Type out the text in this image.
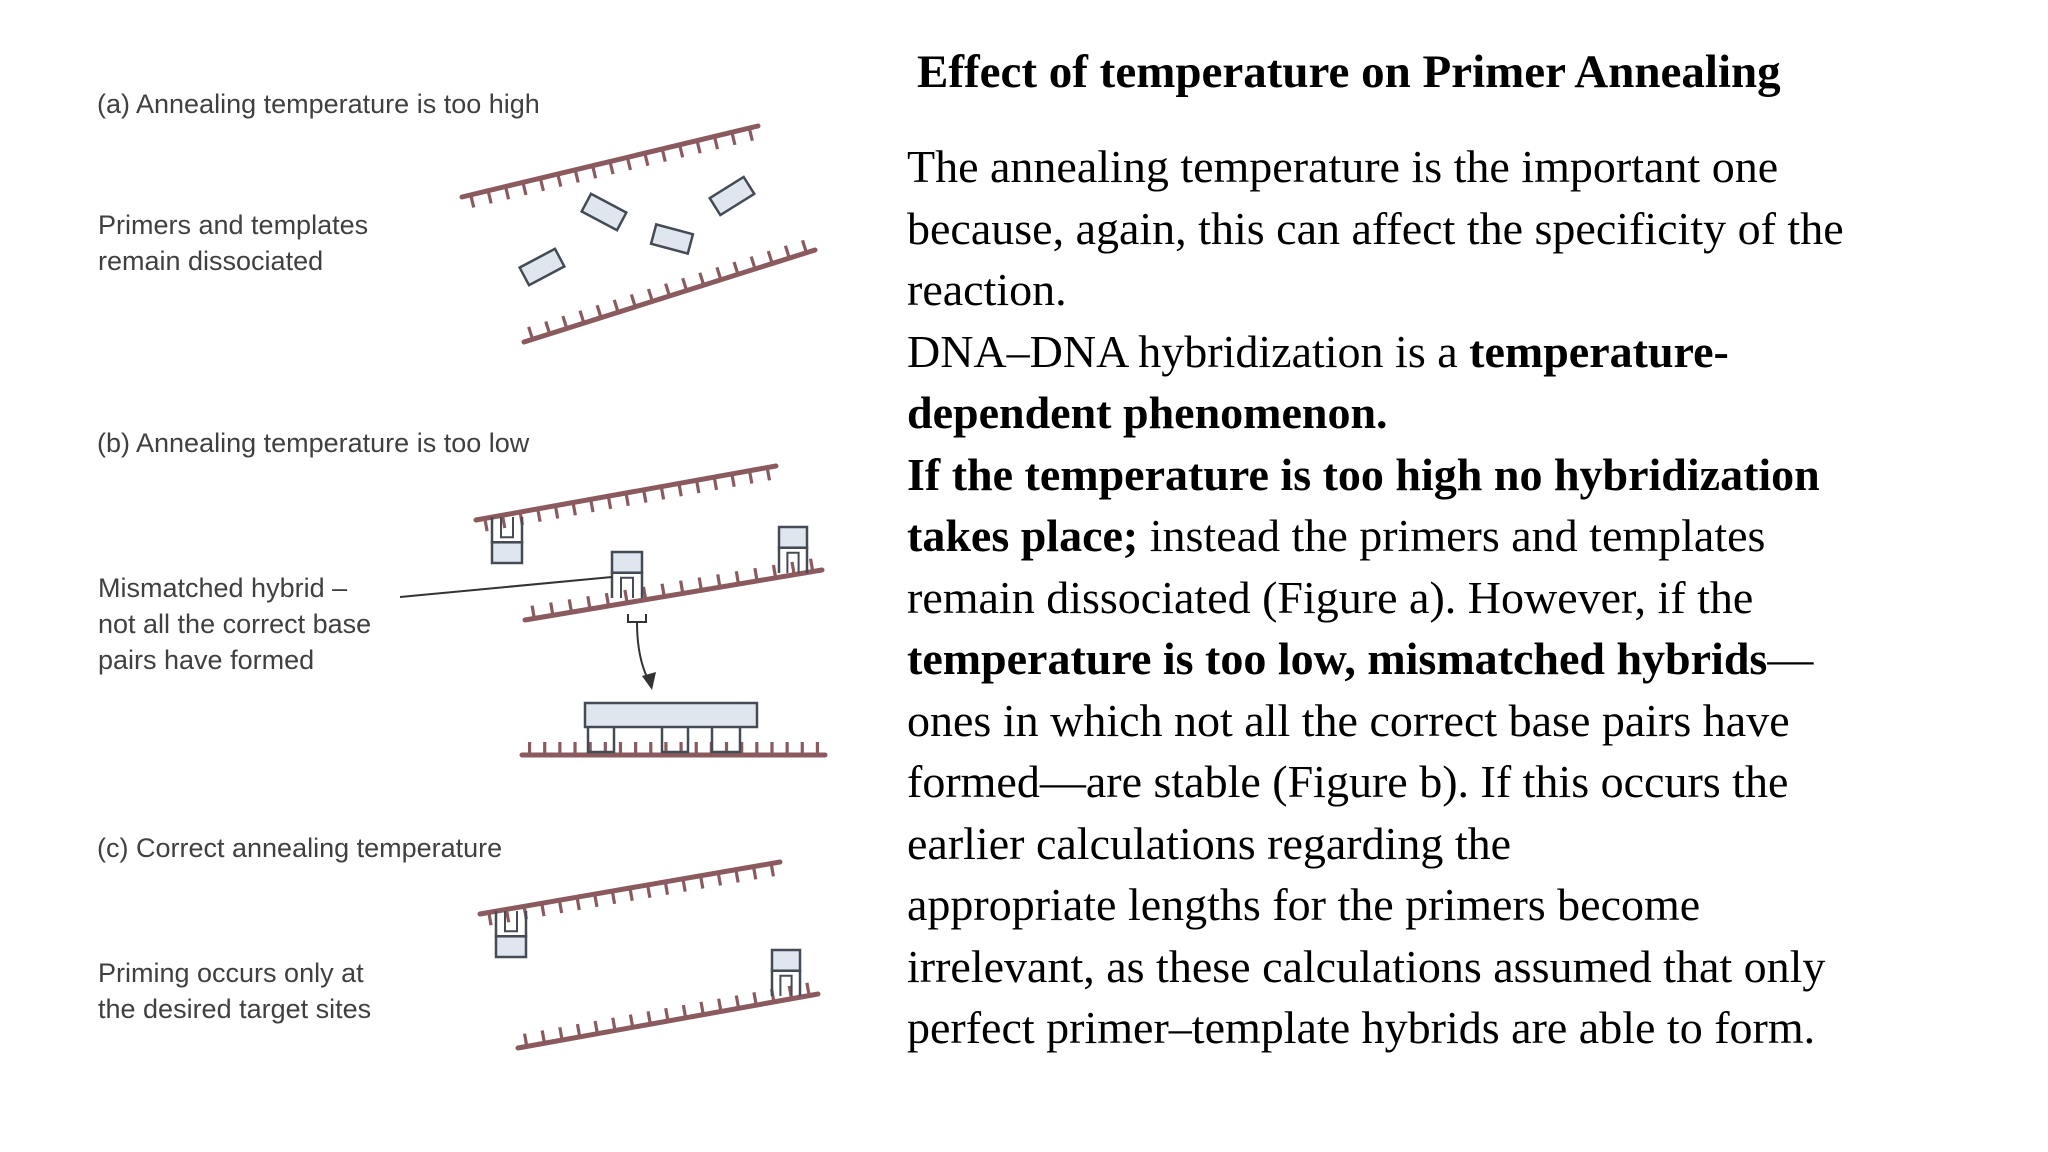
(a) Annealing temperature is too high
Primers and templates
remain dissociated
(b) Annealing temperature is too low
Mismatched hybrid –
not all the correct base
pairs have formed
(c) Correct annealing temperature
Priming occurs only at
the desired target sites
Effect of temperature on Primer Annealing
The annealing temperature is the important one
because, again, this can affect the specificity of the
reaction.
DNA–DNA hybridization is a temperature-
dependent phenomenon.
If the temperature is too high no hybridization
takes place; instead the primers and templates
remain dissociated (Figure a). However, if the
temperature is too low, mismatched hybrids—
ones in which not all the correct base pairs have
formed—are stable (Figure b). If this occurs the
earlier calculations regarding the
appropriate lengths for the primers become
irrelevant, as these calculations assumed that only
perfect primer–template hybrids are able to form.
